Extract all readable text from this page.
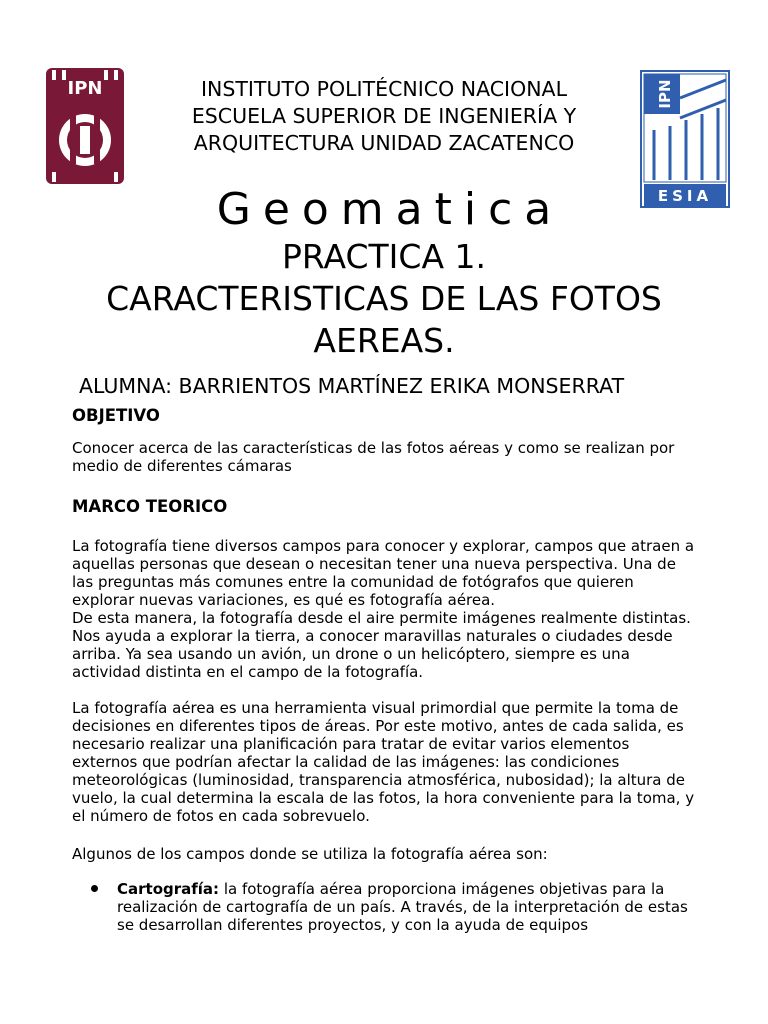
IPN	INSTITUTO POLITÉCNICO NACIONAL
ESCUELA SUPERIOR DE INGENIERÍA Y
ARQUITECTURA UNIDAD ZACATENCO
IPN
ESIA
Geomatica
PRACTICA 1.
CARACTERISTICAS DE LAS FOTOS
AEREAS.
ALUMNA: BARRIENTOS MARTÍNEZ ERIKA MONSERRAT
OBJETIVO
Conocer acerca de las características de las fotos aéreas y como se realizan por
medio de diferentes cámaras
MARCO TEORICO
La fotografía tiene diversos campos para conocer y explorar, campos que atraen a
aquellas personas que desean o necesitan tener una nueva perspectiva. Una de
las preguntas más comunes entre la comunidad de fotógrafos que quieren
explorar nuevas variaciones, es qué es fotografía aérea.
De esta manera, la fotografía desde el aire permite imágenes realmente distintas.
Nos ayuda a explorar la tierra, a conocer maravillas naturales o ciudades desde
arriba. Ya sea usando un avión, un drone o un helicóptero, siempre es una
actividad distinta en el campo de la fotografía.
La fotografía aérea es una herramienta visual primordial que permite la toma de
decisiones en diferentes tipos de áreas. Por este motivo, antes de cada salida, es
necesario realizar una planificación para tratar de evitar varios elementos
externos que podrían afectar la calidad de las imágenes: las condiciones
meteorológicas (luminosidad, transparencia atmosférica, nubosidad); la altura de
vuelo, la cual determina la escala de las fotos, la hora conveniente para la toma, y
el número de fotos en cada sobrevuelo.
Algunos de los campos donde se utiliza la fotografía aérea son:
Cartografía: la fotografía aérea proporciona imágenes objetivas para la
realización de cartografía de un país. A través, de la interpretación de estas
se desarrollan diferentes proyectos, y con la ayuda de equipos
